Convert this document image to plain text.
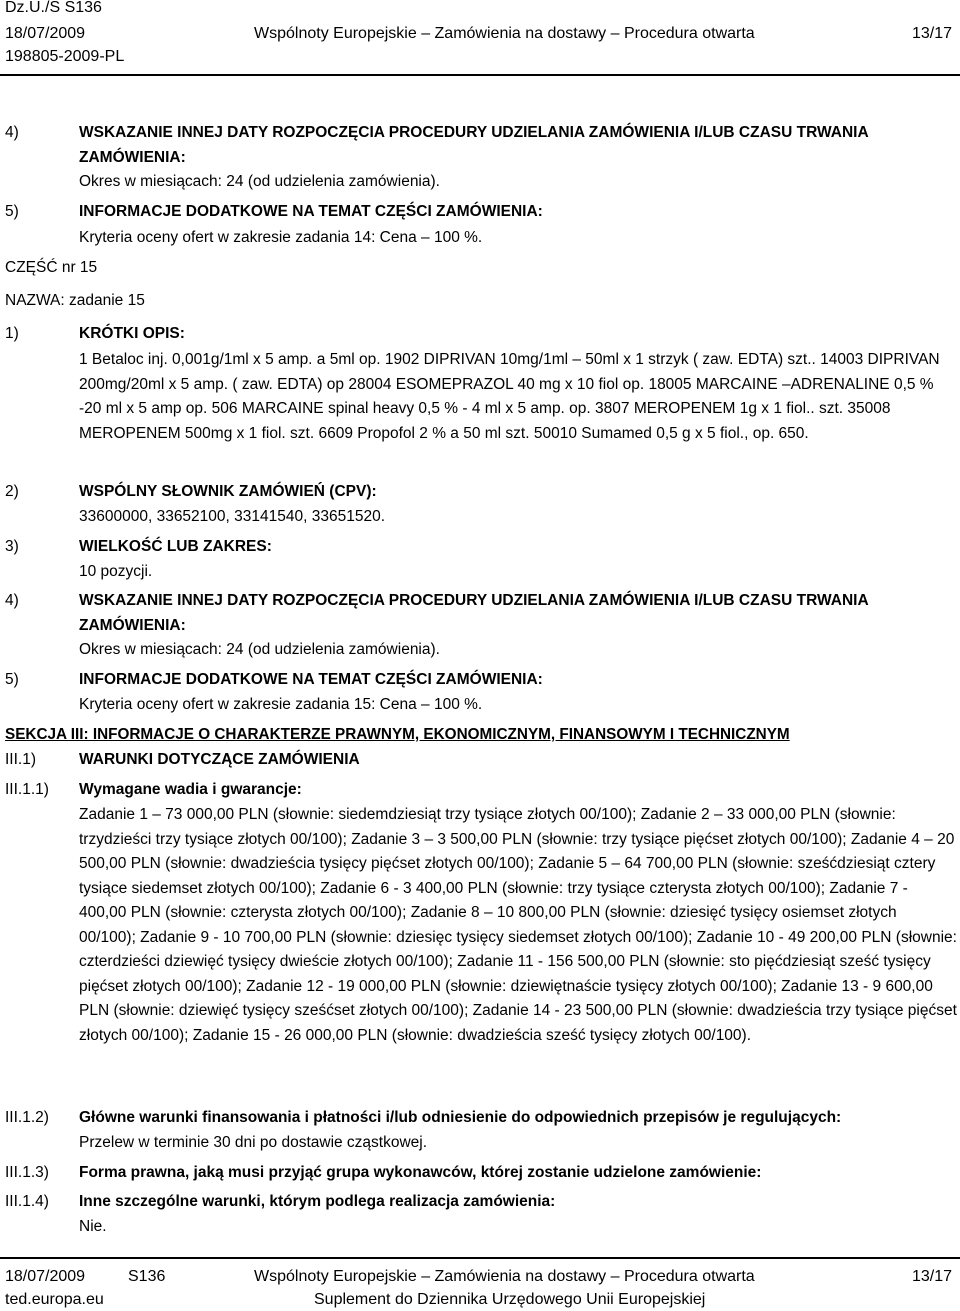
Dz.U./S S136
18/07/2009	Wspólnoty Europejskie – Zamówienia na dostawy – Procedura otwarta	13/17
198805-2009-PL
4)	WSKAZANIE INNEJ DATY ROZPOCZĘCIA PROCEDURY UDZIELANIA ZAMÓWIENIA I/LUB CZASU TRWANIA ZAMÓWIENIA:
Okres w miesiącach: 24 (od udzielenia zamówienia).
5)	INFORMACJE DODATKOWE NA TEMAT CZĘŚCI ZAMÓWIENIA:
Kryteria oceny ofert w zakresie zadania 14: Cena – 100 %.
CZĘŚĆ nr 15
NAZWA: zadanie 15
1)	KRÓTKI OPIS:
1 Betaloc inj. 0,001g/1ml x 5 amp. a 5ml op. 1902 DIPRIVAN 10mg/1ml – 50ml x 1 strzyk ( zaw. EDTA) szt.. 14003 DIPRIVAN 200mg/20ml x 5 amp. ( zaw. EDTA) op 28004 ESOMEPRAZOL 40 mg x 10 fiol op. 18005 MARCAINE –ADRENALINE 0,5 % -20 ml x 5 amp op. 506 MARCAINE spinal heavy 0,5 % - 4 ml x 5 amp. op. 3807 MEROPENEM 1g x 1 fiol.. szt. 35008 MEROPENEM 500mg x 1 fiol. szt. 6609 Propofol 2 % a 50 ml szt. 50010 Sumamed 0,5 g x 5 fiol., op. 650.
2)	WSPÓLNY SŁOWNIK ZAMÓWIEŃ (CPV):
33600000, 33652100, 33141540, 33651520.
3)	WIELKOŚĆ LUB ZAKRES:
10 pozycji.
4)	WSKAZANIE INNEJ DATY ROZPOCZĘCIA PROCEDURY UDZIELANIA ZAMÓWIENIA I/LUB CZASU TRWANIA ZAMÓWIENIA:
Okres w miesiącach: 24 (od udzielenia zamówienia).
5)	INFORMACJE DODATKOWE NA TEMAT CZĘŚCI ZAMÓWIENIA:
Kryteria oceny ofert w zakresie zadania 15: Cena – 100 %.
SEKCJA III: INFORMACJE O CHARAKTERZE PRAWNYM, EKONOMICZNYM, FINANSOWYM I TECHNICZNYM
III.1)	WARUNKI DOTYCZĄCE ZAMÓWIENIA
III.1.1) Wymagane wadia i gwarancje:
Zadanie 1 – 73 000,00 PLN (słownie: siedemdziesiąt trzy tysiące złotych 00/100); Zadanie 2 – 33 000,00 PLN (słownie: trzydzieści trzy tysiące złotych 00/100); Zadanie 3 – 3 500,00 PLN (słownie: trzy tysiące pięćset złotych 00/100); Zadanie 4 – 20 500,00 PLN (słownie: dwadzieścia tysięcy pięćset złotych 00/100); Zadanie 5 – 64 700,00 PLN (słownie: sześćdziesiąt cztery tysiące siedemset złotych 00/100); Zadanie 6 - 3 400,00 PLN (słownie: trzy tysiące czterysta złotych 00/100); Zadanie 7 - 400,00 PLN (słownie: czterysta złotych 00/100); Zadanie 8 – 10 800,00 PLN (słownie: dziesięć tysięcy osiemset złotych 00/100); Zadanie 9 - 10 700,00 PLN (słownie: dziesięc tysięcy siedemset złotych 00/100); Zadanie 10 - 49 200,00 PLN (słownie: czterdzieści dziewięć tysięcy dwieście złotych 00/100); Zadanie 11 - 156 500,00 PLN (słownie: sto pięćdziesiąt sześć tysięcy pięćset złotych 00/100); Zadanie 12 - 19 000,00 PLN (słownie: dziewiętnaście tysięcy złotych 00/100); Zadanie 13 - 9 600,00 PLN (słownie: dziewięć tysięcy sześćset złotych 00/100); Zadanie 14 - 23 500,00 PLN (słownie: dwadzieścia trzy tysiące pięćset złotych 00/100); Zadanie 15 - 26 000,00 PLN (słownie: dwadzieścia sześć tysięcy złotych 00/100).
III.1.2) Główne warunki finansowania i płatności i/lub odniesienie do odpowiednich przepisów je regulujących:
Przelew w terminie 30 dni po dostawie cząstkowej.
III.1.3) Forma prawna, jaką musi przyjąć grupa wykonawców, której zostanie udzielone zamówienie:
III.1.4) Inne szczególne warunki, którym podlega realizacja zamówienia:
Nie.
18/07/2009	S136	Wspólnoty Europejskie – Zamówienia na dostawy – Procedura otwarta	13/17
ted.europa.eu	Suplement do Dziennika Urzędowego Unii Europejskiej
